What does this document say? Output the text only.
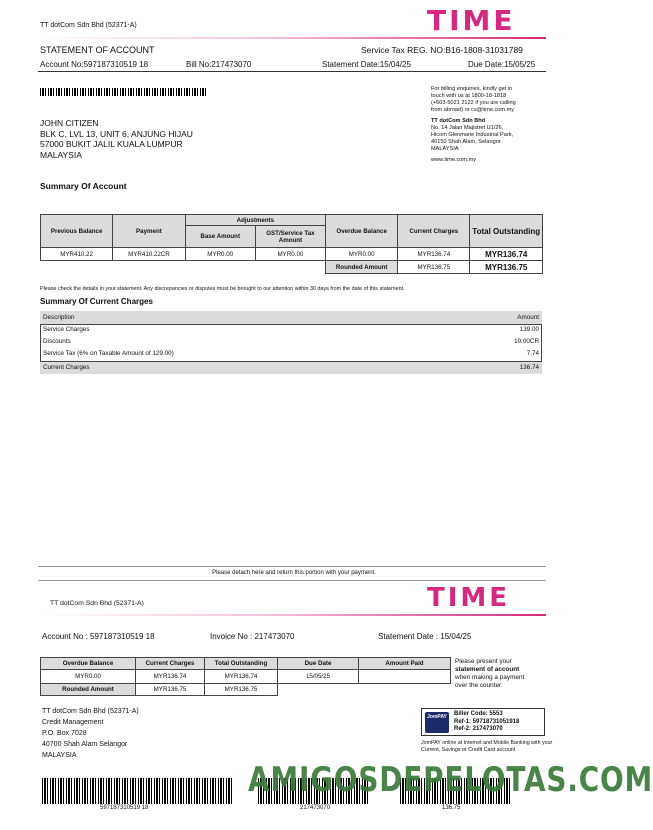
TT dotCom Sdn Bhd (52371-A)	TIME
STATEMENT OF ACCOUNT	Service Tax REG. NO:B16-1808-31031789
Account No:597187310519 18	Bill No:217473070	Statement Date:15/04/25	Due Date:15/05/25
JOHN CITIZEN
BLK C, LVL 13, UNIT 6, ANJUNG HIJAU
57000 BUKIT JALIL KUALA LUMPUR
MALAYSIA
For billing enquiries, kindly get in
touch with us at 1800-18-1818
(+603-5021 2122 if you are calling
from abroad) or cs@time.com.my
TT dotCom Sdn Bhd
No. 14 Jalan Majistret U1/26,
Hicom Glenmarie Industrial Park,
40150 Shah Alam, Selangor
MALAYSIA
www.time.com.my
Summary Of Account
Previous Balance	Payment	Adjustments		Overdue Balance	Current Charges	Total Outstanding
		Base Amount	GST/Service Tax Amount			
MYR410.22	MYR410.22CR	MYR0.00	MYR0.00	MYR0.00	MYR136.74	MYR136.74
				Rounded Amount	MYR136.75	MYR136.75
Please check the details in your statement. Any discrepancies or disputes must be brought to our attention within 30 days from the date of this statement.
Summary Of Current Charges
Description	Amount
Service Charges	139.00
Discounts	10.00CR
Service Tax (6% on Taxable Amount of 129.00)	7.74
Current Charges	136.74
Please detach here and return this portion with your payment.
TT dotCom Sdn Bhd (52371-A)	TIME
Account No : 597187310519 18	Invoice No : 217473070	Statement Date : 15/04/25
Overdue Balance	Current Charges	Total Outstanding	Due Date	Amount Paid
MYR0.00	MYR136.74	MYR136.74	15/05/25	
Rounded Amount	MYR136.75	MYR136.75		
Please present your
statement of account
when making a payment
over the counter.
TT dotCom Sdn Bhd (52371-A)
Credit Management
P.O. Box 7028
40700 Shah Alam Selangor
MALAYSIA
JomPAY	Biller Code: 5553
Ref-1: 59718731051918
Ref-2: 217473070
JomPAY online at Internet and Mobile Banking with your
Current, Savings or Credit Card account
597187310519 18	217473070	136.75
AMIGOSDEPELOTAS.COM
